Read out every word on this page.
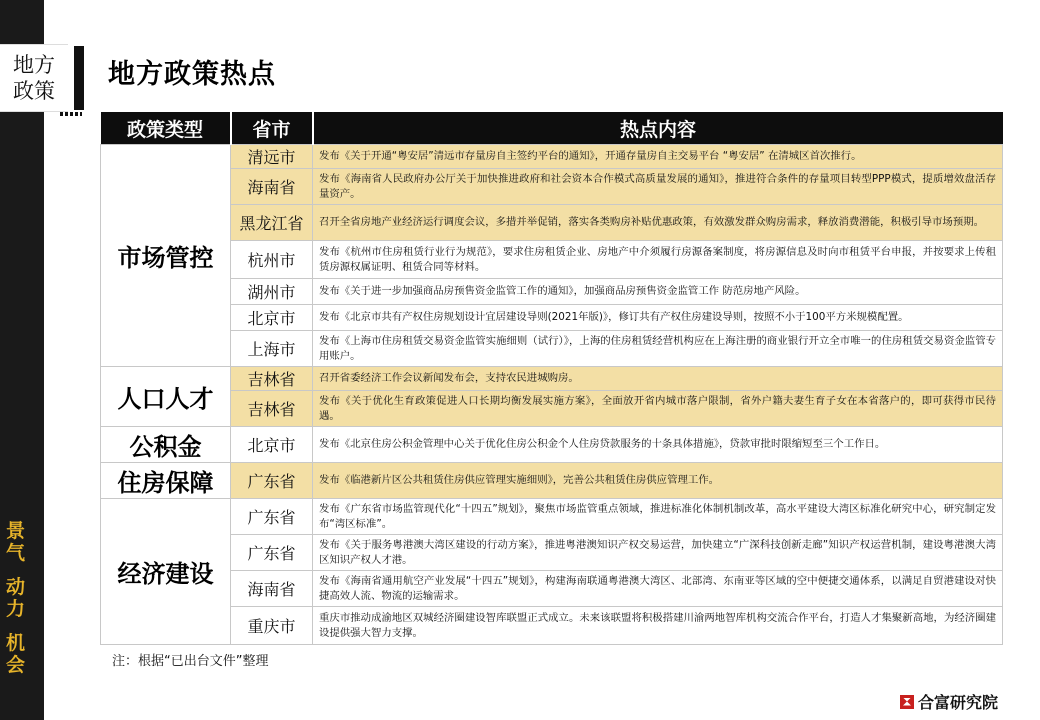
地方
政策
地方政策热点
景气
动力
机会
政策类型	省市	热点内容
市场管控	清远市	发布《关于开通“粤安居”清远市存量房自主签约平台的通知》，开通存量房自主交易平台 “粤安居” 在清城区首次推行。
	海南省	发布《海南省人民政府办公厅关于加快推进政府和社会资本合作模式高质量发展的通知》，推进符合条件的存量项目转型PPP模式，提质增效盘活存量资产。
	黑龙江省	召开全省房地产业经济运行调度会议，多措并举促销，落实各类购房补贴优惠政策，有效激发群众购房需求，释放消费潜能，积极引导市场预期。
	杭州市	发布《杭州市住房租赁行业行为规范》，要求住房租赁企业、房地产中介须履行房源备案制度，将房源信息及时向市租赁平台申报，并按要求上传租赁房源权属证明、租赁合同等材料。
	湖州市	发布《关于进一步加强商品房预售资金监管工作的通知》，加强商品房预售资金监管工作 防范房地产风险。
	北京市	发布《北京市共有产权住房规划设计宜居建设导则(2021年版)》，修订共有产权住房建设导则，按照不小于100平方米规模配置。
	上海市	发布《上海市住房租赁交易资金监管实施细则（试行）》，上海的住房租赁经营机构应在上海注册的商业银行开立全市唯一的住房租赁交易资金监管专用账户。
人口人才	吉林省	召开省委经济工作会议新闻发布会，支持农民进城购房。
	吉林省	发布《关于优化生育政策促进人口长期均衡发展实施方案》，全面放开省内城市落户限制，省外户籍夫妻生育子女在本省落户的，即可获得市民待遇。
公积金	北京市	发布《北京住房公积金管理中心关于优化住房公积金个人住房贷款服务的十条具体措施》，贷款审批时限缩短至三个工作日。
住房保障	广东省	发布《临港新片区公共租赁住房供应管理实施细则》，完善公共租赁住房供应管理工作。
经济建设	广东省	发布《广东省市场监管现代化“十四五”规划》，聚焦市场监管重点领域，推进标准化体制机制改革，高水平建设大湾区标准化研究中心，研究制定发布“湾区标准”。
	广东省	发布《关于服务粤港澳大湾区建设的行动方案》，推进粤港澳知识产权交易运营，加快建立“广深科技创新走廊”知识产权运营机制，建设粤港澳大湾区知识产权人才港。
	海南省	发布《海南省通用航空产业发展“十四五”规划》，构建海南联通粤港澳大湾区、北部湾、东南亚等区域的空中便捷交通体系，以满足自贸港建设对快捷高效人流、物流的运输需求。
	重庆市	重庆市推动成渝地区双城经济圈建设智库联盟正式成立。未来该联盟将积极搭建川渝两地智库机构交流合作平台，打造人才集聚新高地，为经济圈建设提供强大智力支撑。
注：根据“已出台文件”整理
合富研究院
